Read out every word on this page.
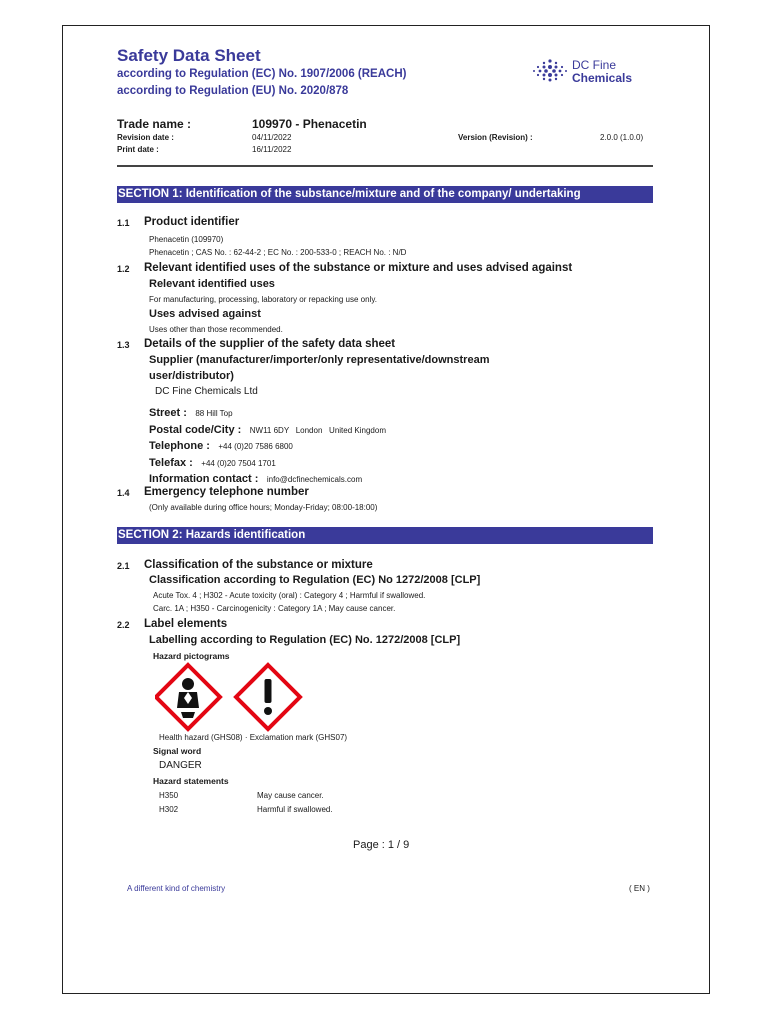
Safety Data Sheet
according to Regulation (EC) No. 1907/2006 (REACH)
according to Regulation (EU) No. 2020/878
DC Fine
Chemicals
Trade name :	109970 - Phenacetin
Revision date :	04/11/2022
Print date :	16/11/2022
Version (Revision) :	2.0.0 (1.0.0)
SECTION 1: Identification of the substance/mixture and of the company/ undertaking
1.1 Product identifier
Phenacetin (109970)
Phenacetin ; CAS No. : 62-44-2 ; EC No. : 200-533-0 ; REACH No. : N/D
1.2 Relevant identified uses of the substance or mixture and uses advised against
Relevant identified uses
For manufacturing, processing, laboratory or repacking use only.
Uses advised against
Uses other than those recommended.
1.3 Details of the supplier of the safety data sheet
Supplier (manufacturer/importer/only representative/downstream
user/distributor)
DC Fine Chemicals Ltd
Street : 88 Hill Top
Postal code/City : NW11 6DY   London   United Kingdom
Telephone : +44 (0)20 7586 6800
Telefax : +44 (0)20 7504 1701
Information contact : info@dcfinechemicals.com
1.4 Emergency telephone number
(Only available during office hours; Monday-Friday; 08:00-18:00)
SECTION 2: Hazards identification
2.1 Classification of the substance or mixture
Classification according to Regulation (EC) No 1272/2008 [CLP]
Acute Tox. 4 ; H302 - Acute toxicity (oral) : Category 4 ; Harmful if swallowed.
Carc. 1A ; H350 - Carcinogenicity : Category 1A ; May cause cancer.
2.2 Label elements
Labelling according to Regulation (EC) No. 1272/2008 [CLP]
Hazard pictograms
Health hazard (GHS08) · Exclamation mark (GHS07)
Signal word
DANGER
Hazard statements
H350	May cause cancer.
H302	Harmful if swallowed.
Page : 1 / 9
A different kind of chemistry	( EN )
